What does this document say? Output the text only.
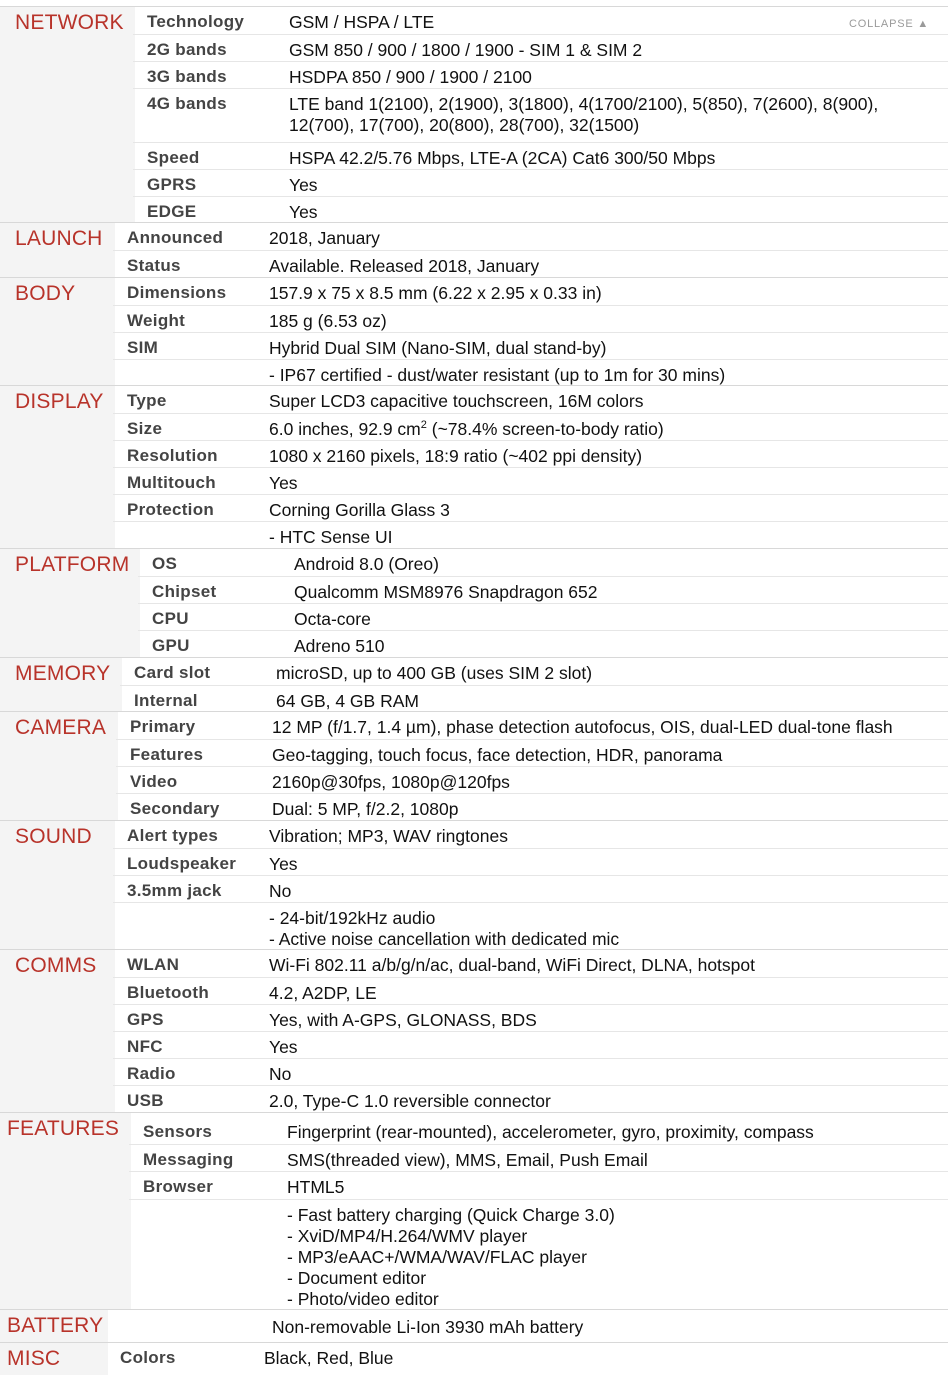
NETWORK Technology	GSM / HSPA / LTE
2G bands	GSM 850 / 900 / 1800 / 1900 - SIM 1 & SIM 2
3G bands	HSDPA 850 / 900 / 1900 / 2100
4G bands	LTE band 1(2100), 2(1900), 3(1800), 4(1700/2100), 5(850), 7(2600), 8(900),
12(700), 17(700), 20(800), 28(700), 32(1500)
Speed	HSPA 42.2/5.76 Mbps, LTE-A (2CA) Cat6 300/50 Mbps
GPRS	Yes
EDGE	Yes
LAUNCH Announced	2018, January
Status	Available. Released 2018, January
BODY	Dimensions 157.9 x 75 x 8.5 mm (6.22 x 2.95 x 0.33 in)
Weight	185 g (6.53 oz)
SIM	Hybrid Dual SIM (Nano-SIM, dual stand-by)
- IP67 certified - dust/water resistant (up to 1m for 30 mins)
DISPLAY Type	Super LCD3 capacitive touchscreen, 16M colors
Size	6.0 inches, 92.9 $cm^2$ (~78.4% screen-to-body ratio)
Resolution	1080 x 2160 pixels, 18:9 ratio (~402 ppi density)
Multitouch	Yes
Protection	Corning Gorilla Glass 3
- HTC Sense UI
PLATFORM OS	Android 8.0 (Oreo)
Chipset	Qualcomm MSM8976 Snapdragon 652
CPU	Octa-core
GPU	Adreno 510
MEMORY Card slot	microSD, up to 400 GB (uses SIM 2 slot)
Internal	64 GB, 4 GB RAM
CAMERA Primary	12 MP (f/1.7, 1.4 µm), phase detection autofocus, OIS, dual-LED dual-tone flash
Features	Geo-tagging, touch focus, face detection, HDR, panorama
Video	2160p@30fps, 1080p@120fps
Secondary	Dual: 5 MP, f/2.2, 1080p
SOUND Alert types	Vibration; MP3, WAV ringtones
Loudspeaker Yes
3.5mm jack	No
- 24-bit/192kHz audio
- Active noise cancellation with dedicated mic
COMMS WLAN	Wi-Fi 802.11 a/b/g/n/ac, dual-band, WiFi Direct, DLNA, hotspot
Bluetooth	4.2, A2DP, LE
GPS	Yes, with A-GPS, GLONASS, BDS
NFC	Yes
Radio	No
USB	2.0, Type-C 1.0 reversible connector
FEATURES Sensors	Fingerprint (rear-mounted), accelerometer, gyro, proximity, compass
Messaging	SMS(threaded view), MMS, Email, Push Email
Browser	HTML5
- Fast battery charging (Quick Charge 3.0)
- XviD/MP4/H.264/WMV player
- MP3/eAAC+/WMA/WAV/FLAC player
- Document editor
- Photo/video editor
BATTERY	Non-removable Li-Ion 3930 mAh battery
MISC	Colors	Black, Red, Blue
COLLAPSE ▲
